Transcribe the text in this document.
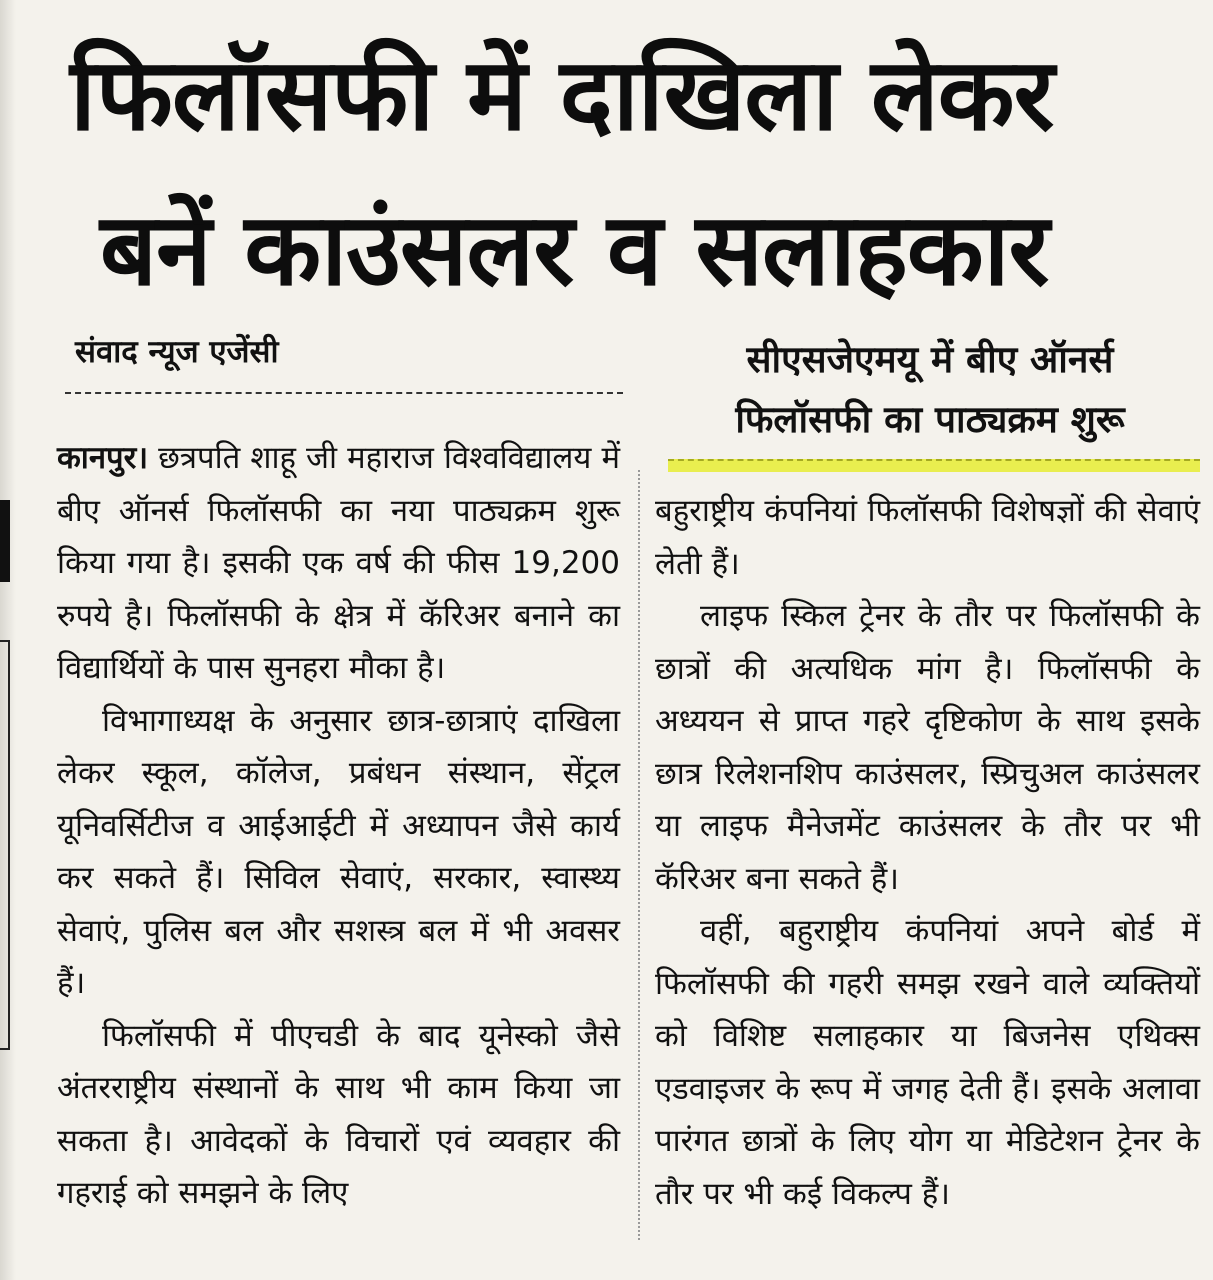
फिलॉसफी में दाखिला लेकर
बनें काउंसलर व सलाहकार
संवाद न्यूज एजेंसी	सीएसजेएमयू में बीए ऑनर्स
फिलॉसफी का पाठ्यक्रम शुरू

कानपुर। छत्रपति शाहू जी महाराज विश्वविद्यालय में बीए ऑनर्स फिलॉसफी का नया पाठ्यक्रम शुरू किया गया है। इसकी एक वर्ष की फीस 19,200 रुपये है। फिलॉसफी के क्षेत्र में कॅरिअर बनाने का विद्यार्थियों के पास सुनहरा मौका है।

विभागाध्यक्ष के अनुसार छात्र-छात्राएं दाखिला लेकर स्कूल, कॉलेज, प्रबंधन संस्थान, सेंट्रल यूनिवर्सिटीज व आईआईटी में अध्यापन जैसे कार्य कर सकते हैं। सिविल सेवाएं, सरकार, स्वास्थ्य सेवाएं, पुलिस बल और सशस्त्र बल में भी अवसर हैं।

फिलॉसफी में पीएचडी के बाद यूनेस्को जैसे अंतरराष्ट्रीय संस्थानों के साथ भी काम किया जा सकता है। आवेदकों के विचारों एवं व्यवहार की गहराई को समझने के लिए

बहुराष्ट्रीय कंपनियां फिलॉसफी विशेषज्ञों की सेवाएं लेती हैं।

लाइफ स्किल ट्रेनर के तौर पर फिलॉसफी के छात्रों की अत्यधिक मांग है। फिलॉसफी के अध्ययन से प्राप्त गहरे दृष्टिकोण के साथ इसके छात्र रिलेशनशिप काउंसलर, स्प्रिचुअल काउंसलर या लाइफ मैनेजमेंट काउंसलर के तौर पर भी कॅरिअर बना सकते हैं।

वहीं, बहुराष्ट्रीय कंपनियां अपने बोर्ड में फिलॉसफी की गहरी समझ रखने वाले व्यक्तियों को विशिष्ट सलाहकार या बिजनेस एथिक्स एडवाइजर के रूप में जगह देती हैं। इसके अलावा पारंगत छात्रों के लिए योग या मेडिटेशन ट्रेनर के तौर पर भी कई विकल्प हैं।
